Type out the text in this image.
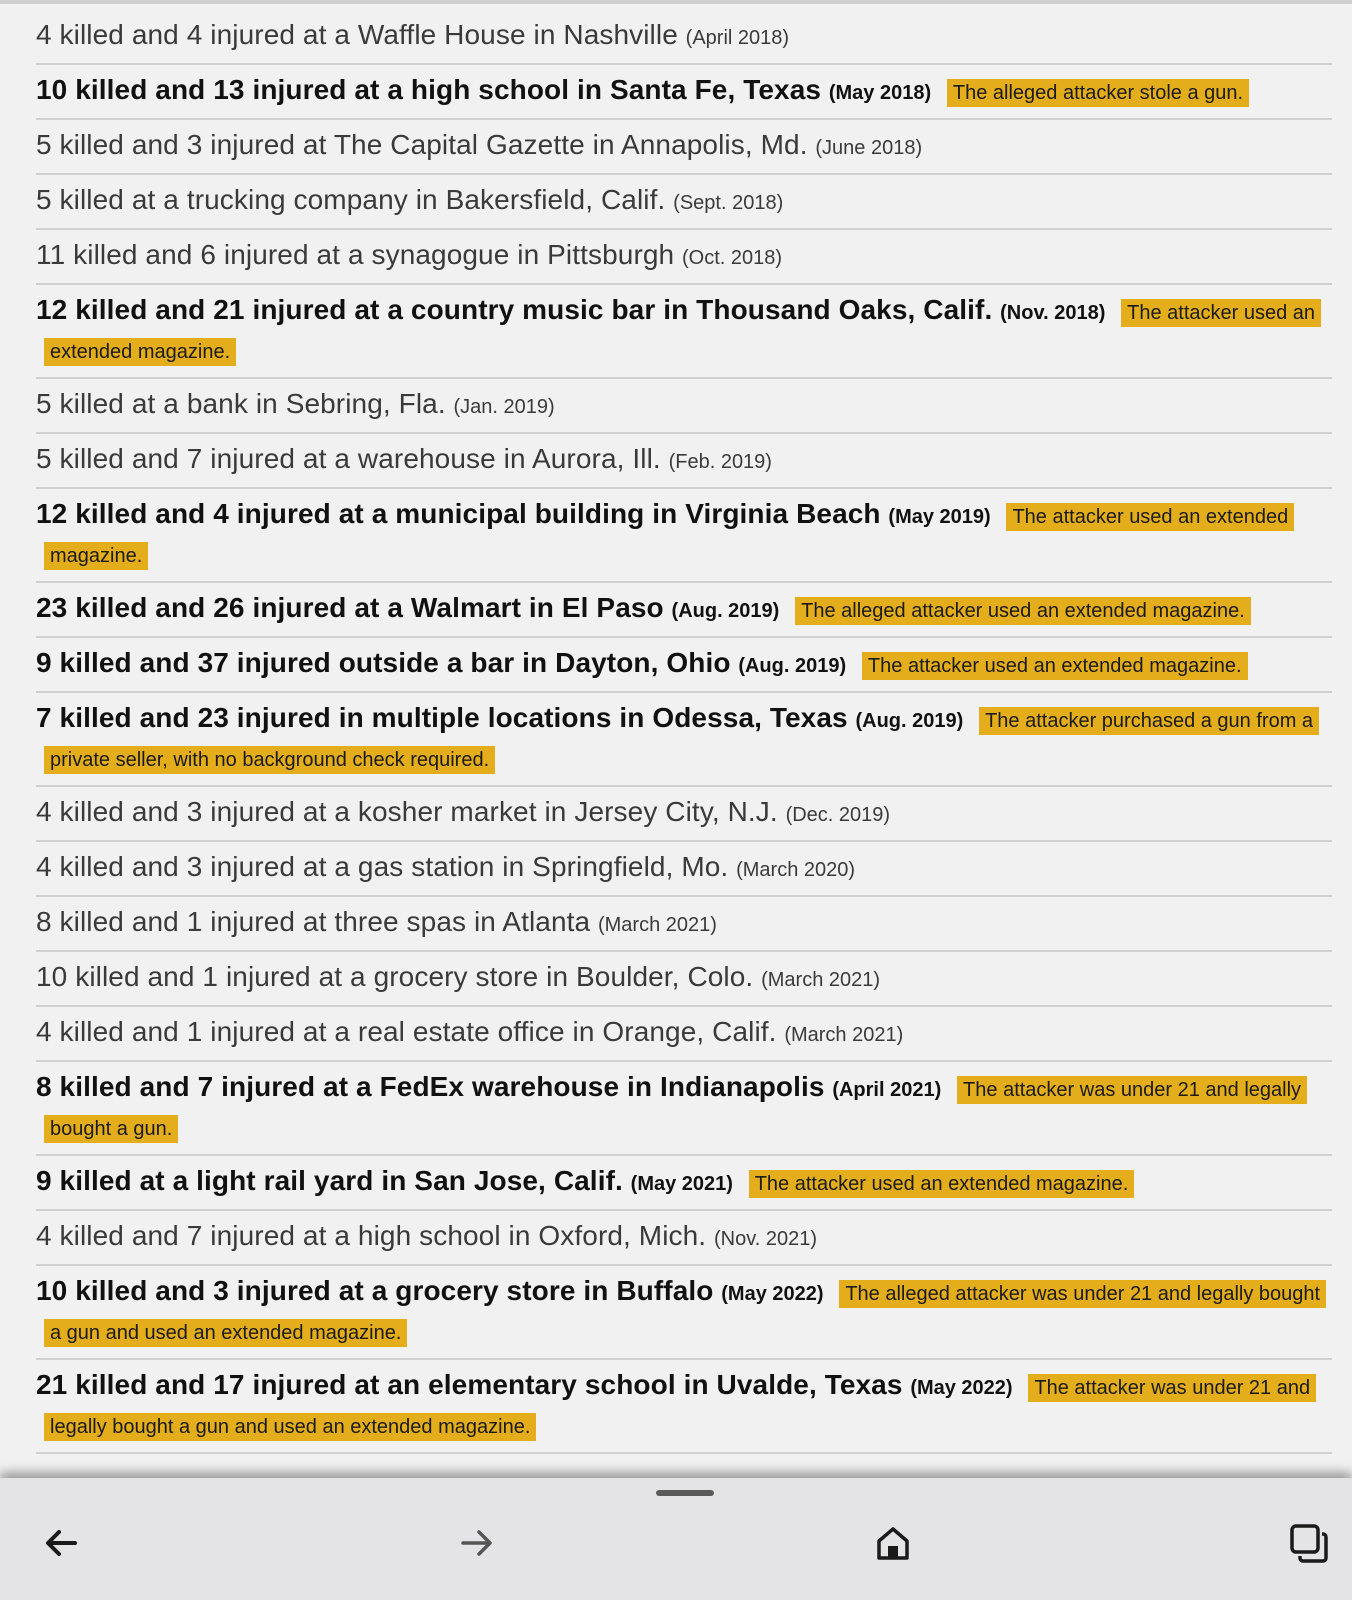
4 killed and 4 injured at a Waffle House in Nashville (April 2018)
10 killed and 13 injured at a high school in Santa Fe, Texas (May 2018) The alleged attacker stole a gun.
5 killed and 3 injured at The Capital Gazette in Annapolis, Md. (June 2018)
5 killed at a trucking company in Bakersfield, Calif. (Sept. 2018)
11 killed and 6 injured at a synagogue in Pittsburgh (Oct. 2018)
12 killed and 21 injured at a country music bar in Thousand Oaks, Calif. (Nov. 2018) The attacker used an extended magazine.
5 killed at a bank in Sebring, Fla. (Jan. 2019)
5 killed and 7 injured at a warehouse in Aurora, Ill. (Feb. 2019)
12 killed and 4 injured at a municipal building in Virginia Beach (May 2019) The attacker used an extended magazine.
23 killed and 26 injured at a Walmart in El Paso (Aug. 2019) The alleged attacker used an extended magazine.
9 killed and 37 injured outside a bar in Dayton, Ohio (Aug. 2019) The attacker used an extended magazine.
7 killed and 23 injured in multiple locations in Odessa, Texas (Aug. 2019) The attacker purchased a gun from a private seller, with no background check required.
4 killed and 3 injured at a kosher market in Jersey City, N.J. (Dec. 2019)
4 killed and 3 injured at a gas station in Springfield, Mo. (March 2020)
8 killed and 1 injured at three spas in Atlanta (March 2021)
10 killed and 1 injured at a grocery store in Boulder, Colo. (March 2021)
4 killed and 1 injured at a real estate office in Orange, Calif. (March 2021)
8 killed and 7 injured at a FedEx warehouse in Indianapolis (April 2021) The attacker was under 21 and legally bought a gun.
9 killed at a light rail yard in San Jose, Calif. (May 2021) The attacker used an extended magazine.
4 killed and 7 injured at a high school in Oxford, Mich. (Nov. 2021)
10 killed and 3 injured at a grocery store in Buffalo (May 2022) The alleged attacker was under 21 and legally bought a gun and used an extended magazine.
21 killed and 17 injured at an elementary school in Uvalde, Texas (May 2022) The attacker was under 21 and legally bought a gun and used an extended magazine.
